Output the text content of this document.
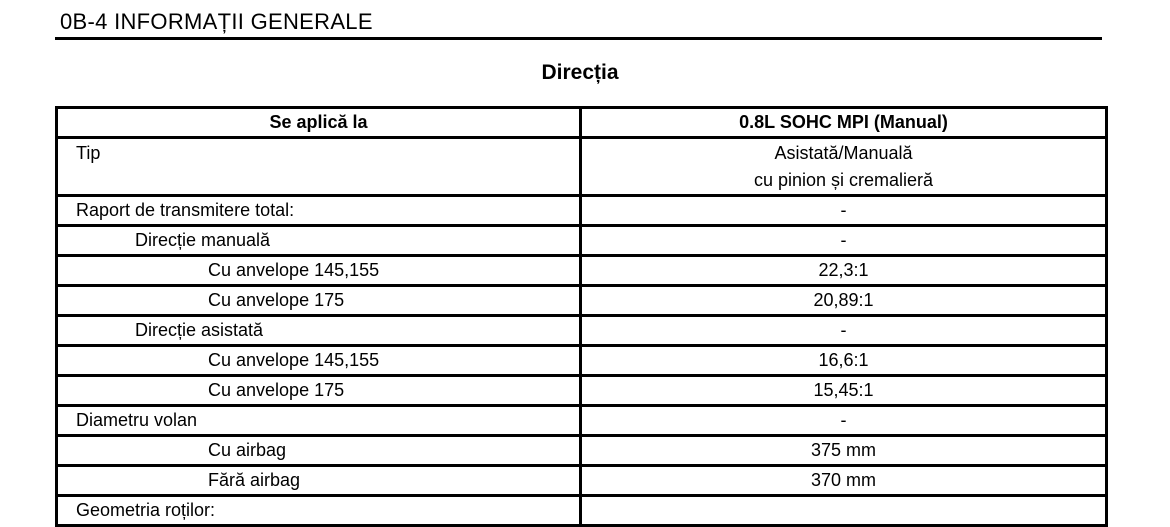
0B-4 INFORMAȚII GENERALE
Direcția
Se aplică la	0.8L SOHC MPI (Manual)
Tip	Asistată/Manuală
cu pinion și cremalieră

Raport de transmitere total:	-
Direcție manuală	-
Cu anvelope 145,155	22,3:1
Cu anvelope 175	20,89:1
Direcție asistată	-
Cu anvelope 145,155	16,6:1
Cu anvelope 175	15,45:1
Diametru volan	-
Cu airbag	375 mm
Fără airbag	370 mm
Geometria roților:	
